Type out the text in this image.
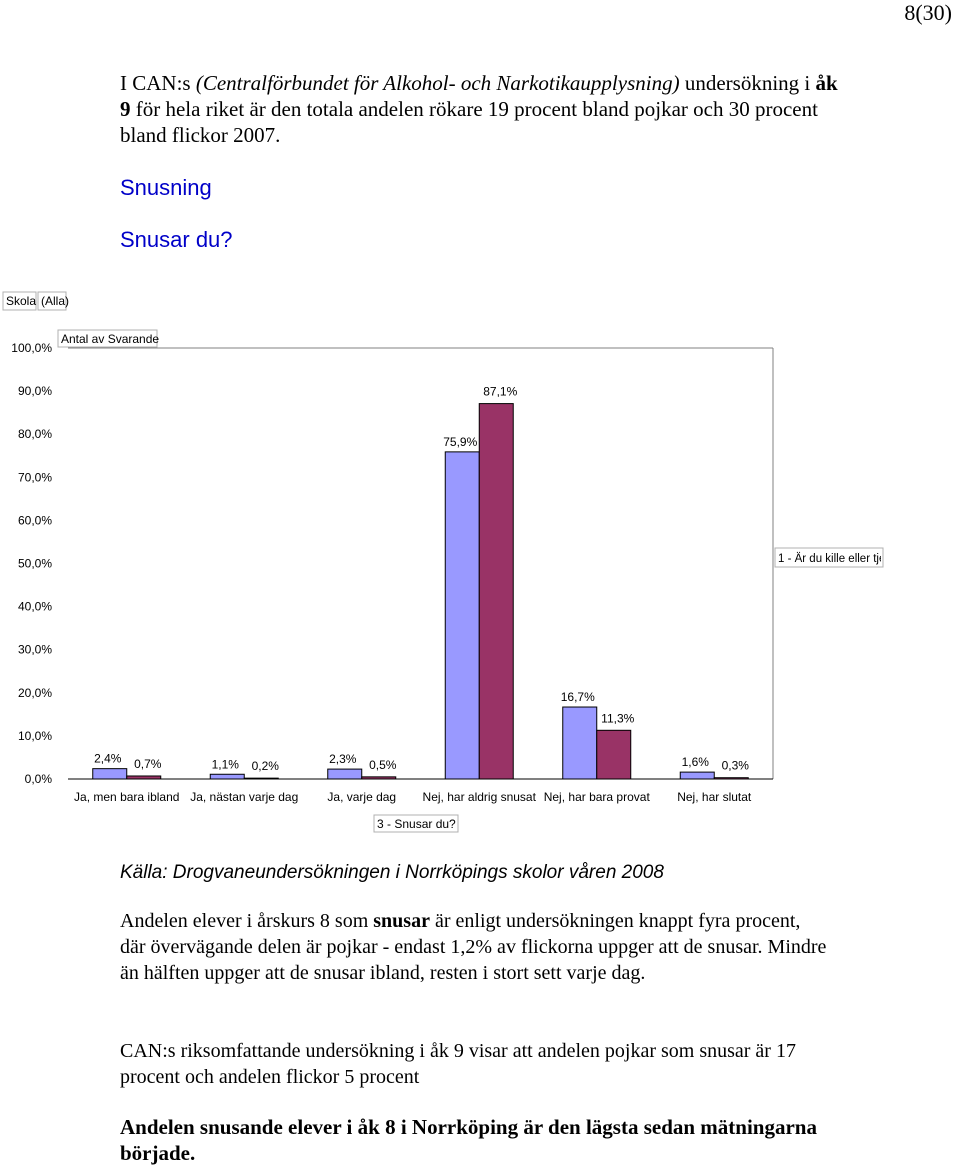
8(30)
I CAN:s (Centralförbundet för Alkohol- och Narkotikaupplysning) undersökning i åk 9 för hela riket är den totala andelen rökare 19 procent bland pojkar och 30 procent bland flickor 2007.
Snusning
Snusar du?
Skola (Alla)
Antal av Svarande
1 - Är du kille eller tje
3 - Snusar du?
0,0%
10,0%
20,0%
30,0%
40,0%
50,0%
60,0%
70,0%
80,0%
90,0%
100,0%
2,4% 0,7%
Ja, men bara ibland
1,1% 0,2%
Ja, nästan varje dag
2,3% 0,5%
Ja, varje dag
75,9%
87,1%
Nej, har aldrig snusat
16,7%
11,3%
Nej, har bara provat
1,6% 0,3%
Nej, har slutat
Källa: Drogvaneundersökningen i Norrköpings skolor våren 2008
Andelen elever i årskurs 8 som snusar är enligt undersökningen knappt fyra procent, där övervägande delen är pojkar - endast 1,2% av flickorna uppger att de snusar. Mindre än hälften uppger att de snusar ibland, resten i stort sett varje dag.
CAN:s riksomfattande undersökning i åk 9 visar att andelen pojkar som snusar är 17 procent och andelen flickor 5 procent
Andelen snusande elever i åk 8 i Norrköping är den lägsta sedan mätningarna började.
